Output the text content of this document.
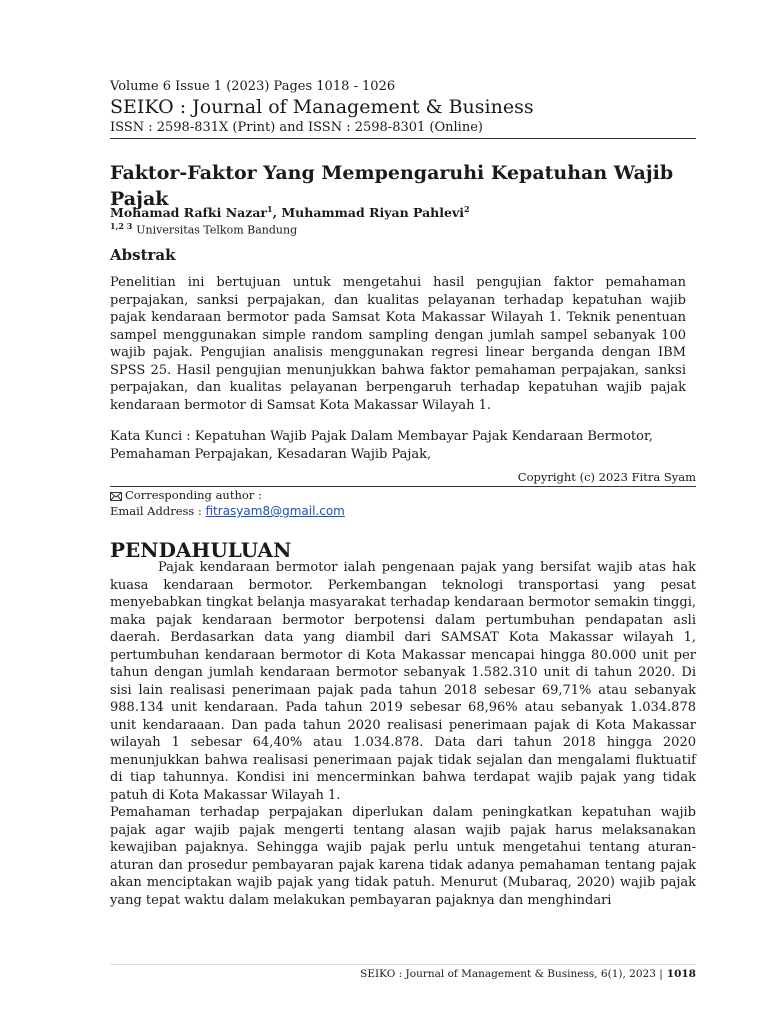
Volume 6 Issue 1 (2023) Pages 1018 - 1026
SEIKO : Journal of Management & Business
ISSN : 2598-831X (Print) and ISSN : 2598-8301 (Online)
Faktor-Faktor Yang Mempengaruhi Kepatuhan Wajib Pajak
Mohamad Rafki Nazar$^1$, Muhammad Riyan Pahlevi$^2$
$^{1,2 3}$ Universitas Telkom Bandung
Abstrak
Penelitian ini bertujuan untuk mengetahui hasil pengujian faktor pemahaman perpajakan, sanksi perpajakan, dan kualitas pelayanan terhadap kepatuhan wajib pajak kendaraan bermotor pada Samsat Kota Makassar Wilayah 1. Teknik penentuan sampel menggunakan simple random sampling dengan jumlah sampel sebanyak 100 wajib pajak. Pengujian analisis menggunakan regresi linear berganda dengan IBM SPSS 25. Hasil pengujian menunjukkan bahwa faktor pemahaman perpajakan, sanksi perpajakan, dan kualitas pelayanan berpengaruh terhadap kepatuhan wajib pajak kendaraan bermotor di Samsat Kota Makassar Wilayah 1.
Kata Kunci : Kepatuhan Wajib Pajak Dalam Membayar Pajak Kendaraan Bermotor, Pemahaman Perpajakan, Kesadaran Wajib Pajak,
Copyright (c) 2023 Fitra Syam
Corresponding author :
Email Address : fitrasyam8@gmail.com
PENDAHULUAN

Pajak kendaraan bermotor ialah pengenaan pajak yang bersifat wajib atas hak kuasa kendaraan bermotor. Perkembangan teknologi transportasi yang pesat menyebabkan tingkat belanja masyarakat terhadap kendaraan bermotor semakin tinggi, maka pajak kendaraan bermotor berpotensi dalam pertumbuhan pendapatan asli daerah. Berdasarkan data yang diambil dari SAMSAT Kota Makassar wilayah 1, pertumbuhan kendaraan bermotor di Kota Makassar mencapai hingga 80.000 unit per tahun dengan jumlah kendaraan bermotor sebanyak 1.582.310 unit di tahun 2020. Di sisi lain realisasi penerimaan pajak pada tahun 2018 sebesar 69,71% atau sebanyak 988.134 unit kendaraan. Pada tahun 2019 sebesar 68,96% atau sebanyak 1.034.878 unit kendaraaan. Dan pada tahun 2020 realisasi penerimaan pajak di Kota Makassar wilayah 1 sebesar 64,40% atau 1.034.878. Data dari tahun 2018 hingga 2020 menunjukkan bahwa realisasi penerimaan pajak tidak sejalan dan mengalami fluktuatif di tiap tahunnya. Kondisi ini mencerminkan bahwa terdapat wajib pajak yang tidak patuh di Kota Makassar Wilayah 1.

Pemahaman terhadap perpajakan diperlukan dalam peningkatkan kepatuhan wajib pajak agar wajib pajak mengerti tentang alasan wajib pajak harus melaksanakan kewajiban pajaknya. Sehingga wajib pajak perlu untuk mengetahui tentang aturan-aturan dan prosedur pembayaran pajak karena tidak adanya pemahaman tentang pajak akan menciptakan wajib pajak yang tidak patuh. Menurut (Mubaraq, 2020) wajib pajak yang tepat waktu dalam melakukan pembayaran pajaknya dan menghindari

SEIKO : Journal of Management & Business, 6(1), 2023 | 1018
